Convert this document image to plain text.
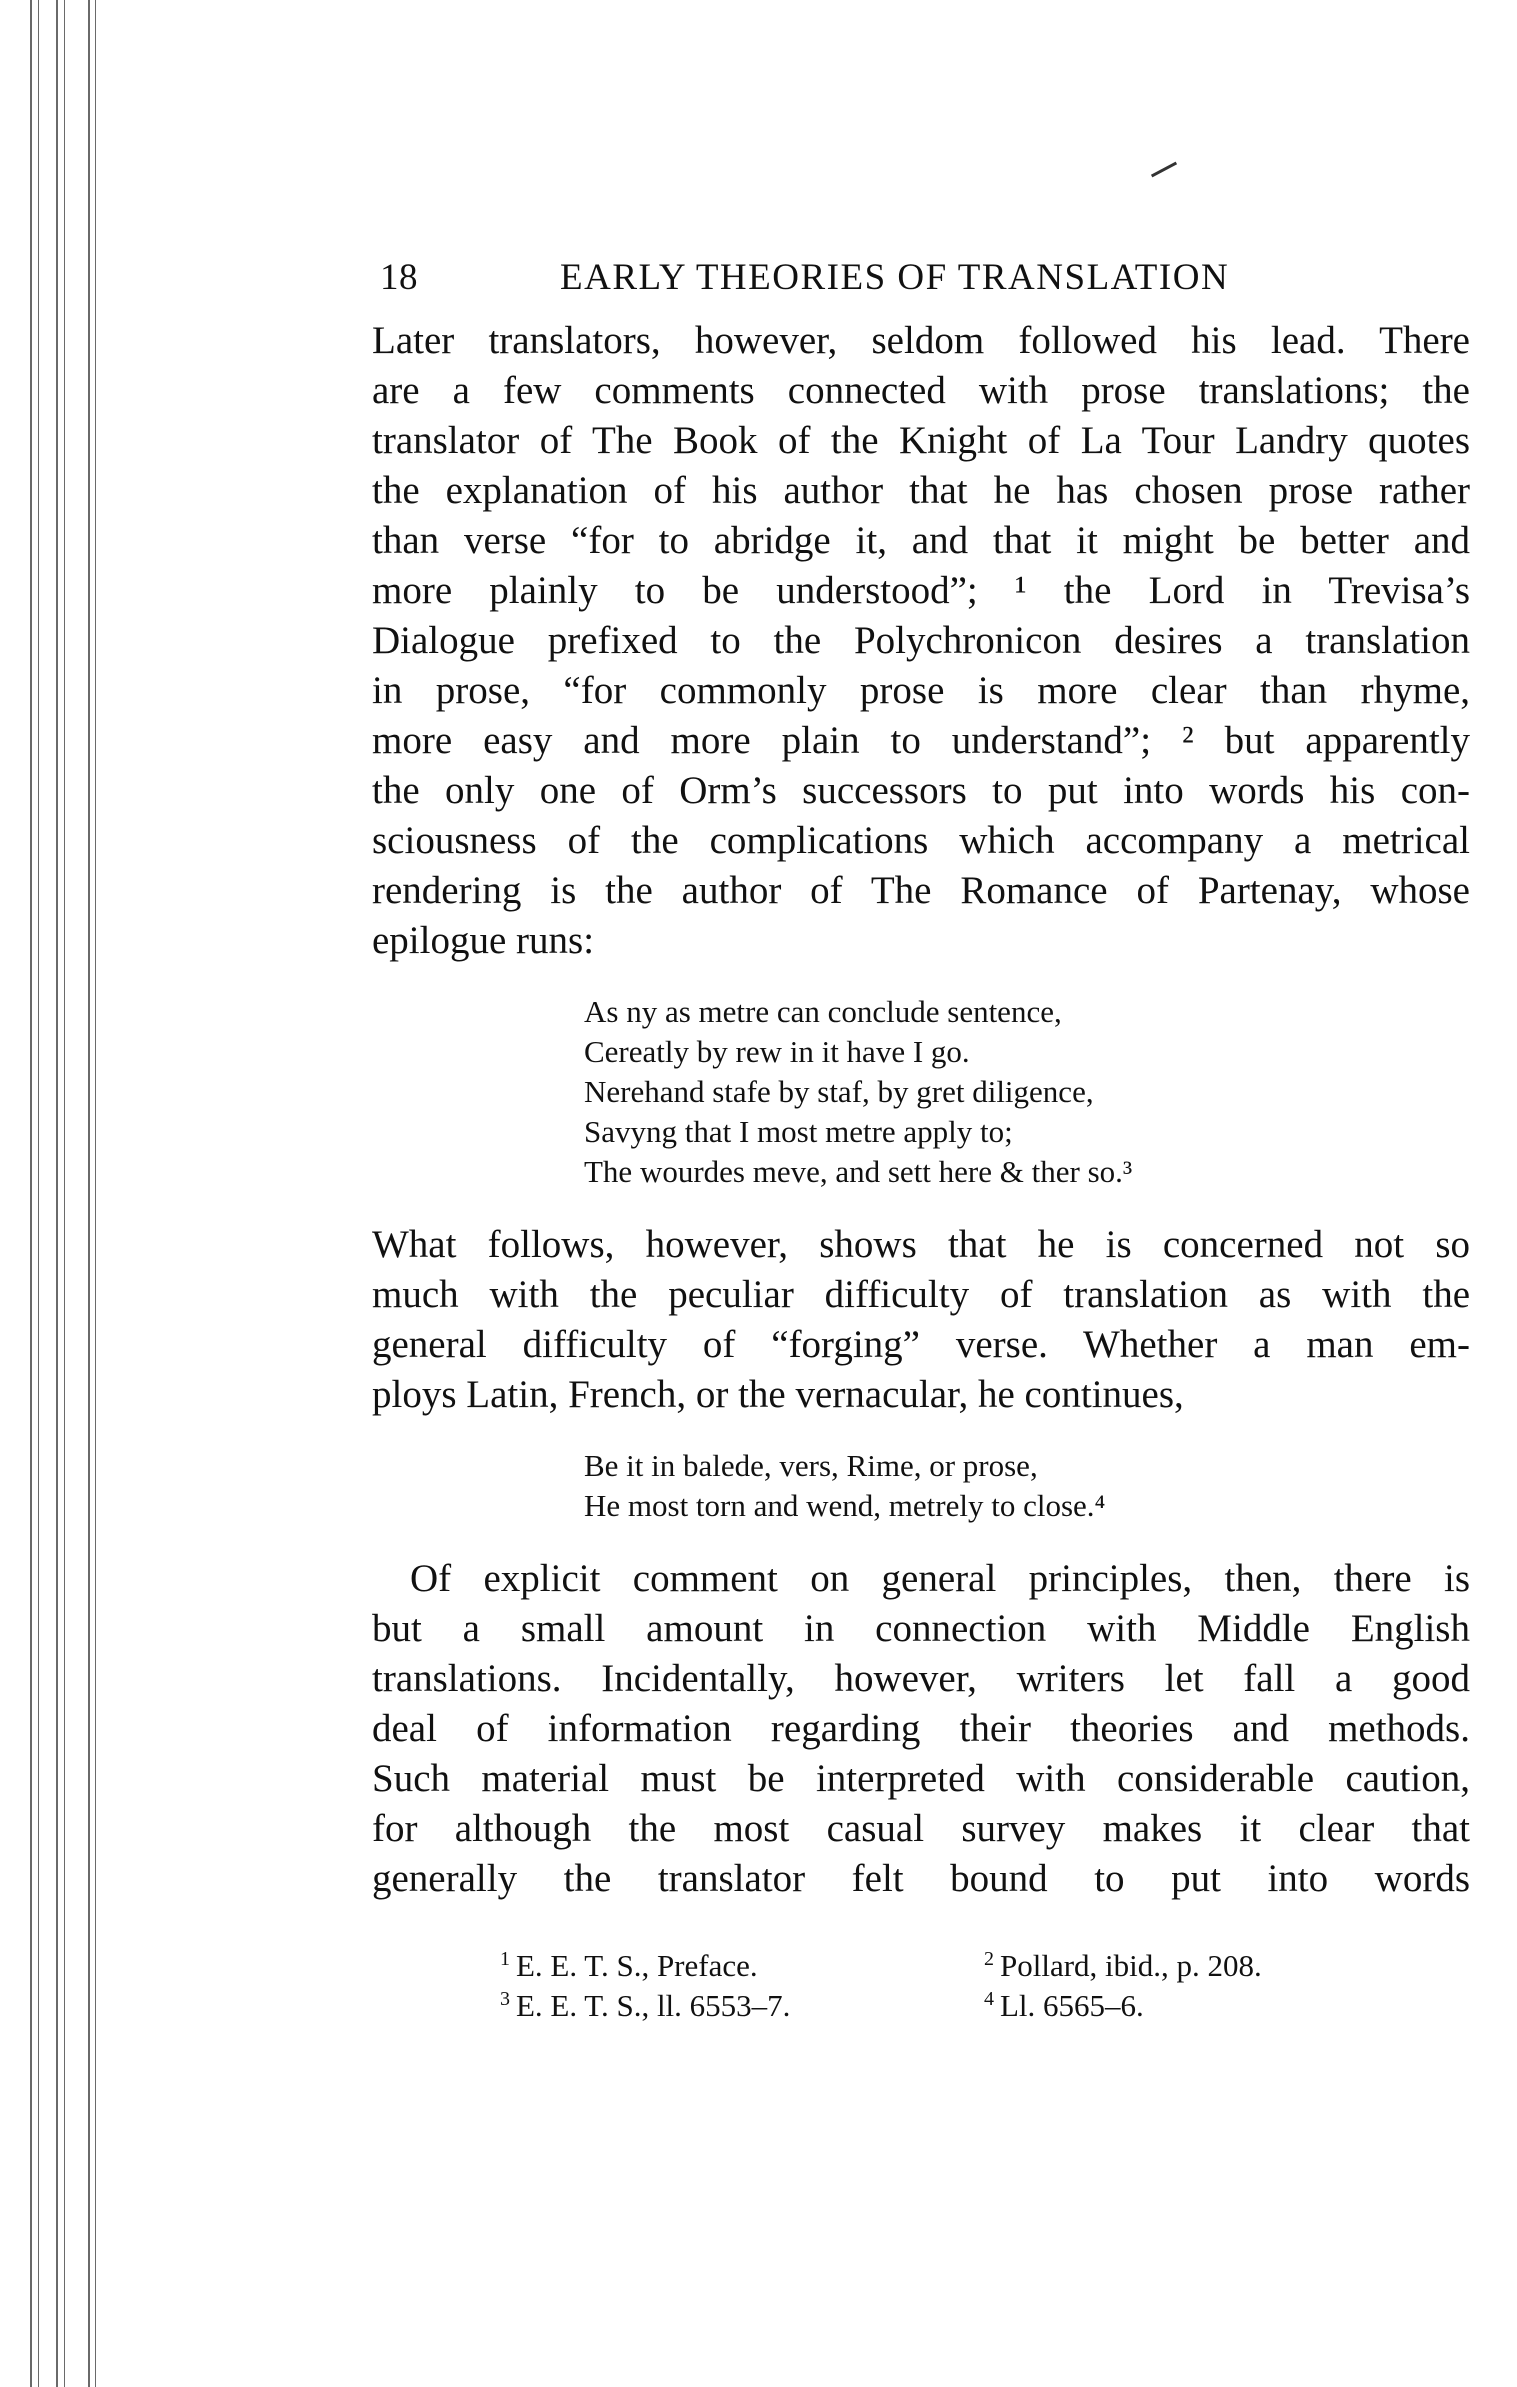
18	EARLY THEORIES OF TRANSLATION
Later translators, however, seldom followed his lead. There
are a few comments connected with prose translations; the
translator of The Book of the Knight of La Tour Landry quotes
the explanation of his author that he has chosen prose rather
than verse “for to abridge it, and that it might be better and
more plainly to be understood”; ¹ the Lord in Trevisa’s
Dialogue prefixed to the Polychronicon desires a translation
in prose, “for commonly prose is more clear than rhyme,
more easy and more plain to understand”; ² but apparently
the only one of Orm’s successors to put into words his con-
sciousness of the complications which accompany a metrical
rendering is the author of The Romance of Partenay, whose
epilogue runs:
As ny as metre can conclude sentence,
Cereatly by rew in it have I go.
Nerehand stafe by staf, by gret diligence,
Savyng that I most metre apply to;
The wourdes meve, and sett here & ther so.³
What follows, however, shows that he is concerned not so
much with the peculiar difficulty of translation as with the
general difficulty of “forging” verse. Whether a man em-
ploys Latin, French, or the vernacular, he continues,
Be it in balede, vers, Rime, or prose,
He most torn and wend, metrely to close.⁴
Of explicit comment on general principles, then, there is
but a small amount in connection with Middle English
translations. Incidentally, however, writers let fall a good
deal of information regarding their theories and methods.
Such material must be interpreted with considerable caution,
for although the most casual survey makes it clear that
generally the translator felt bound to put into words
$^1$ E. E. T. S., Preface.	$^2$ Pollard, ibid., p. 208.
$^3$ E. E. T. S., ll. 6553–7.	$^4$ Ll. 6565–6.
